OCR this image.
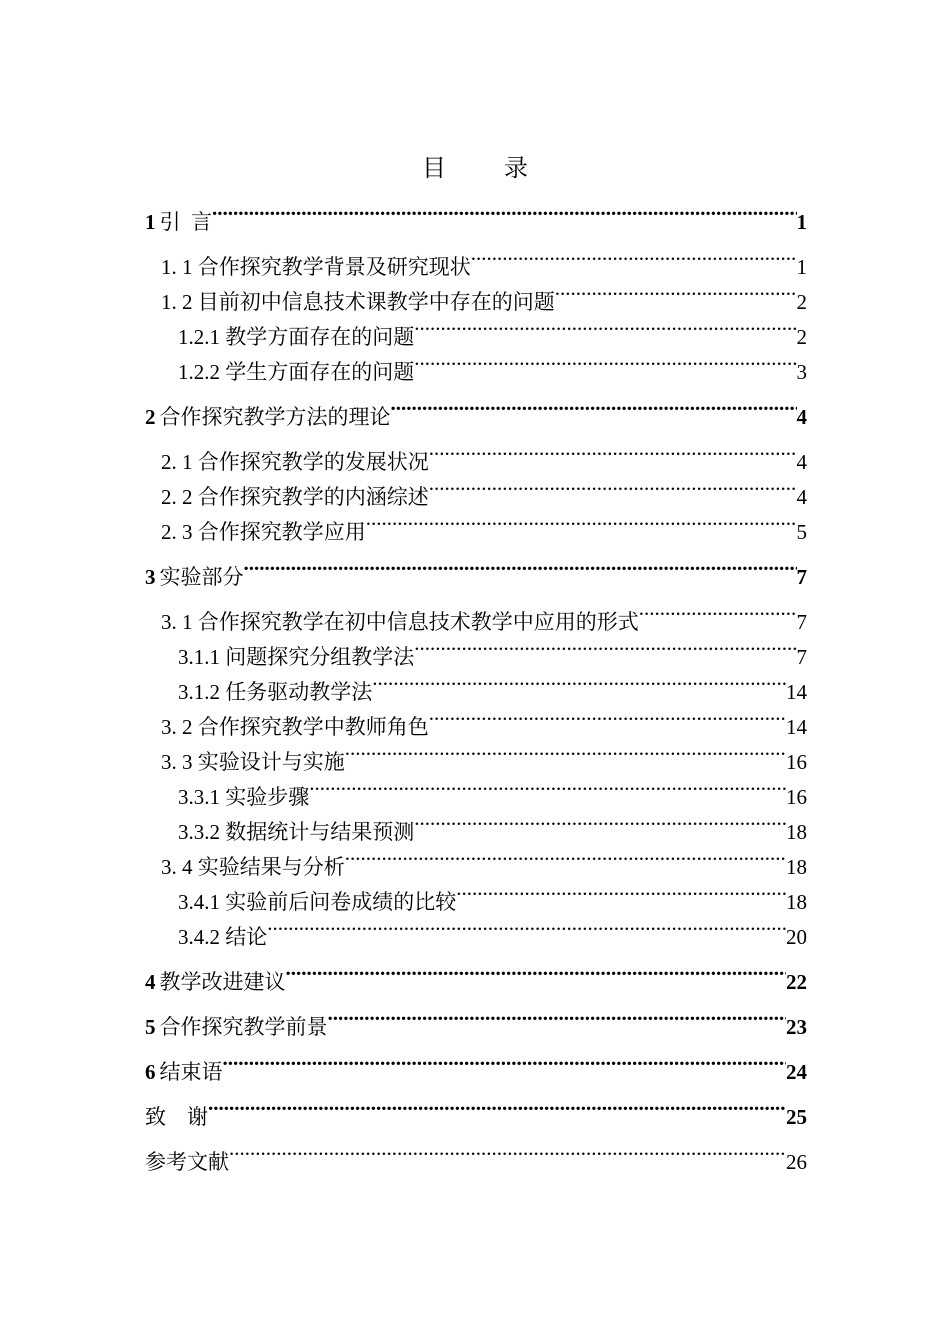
目 录
1 引  言 .....	1
1. 1 合作探究教学背景及研究现状 .....	1
1. 2 目前初中信息技术课教学中存在的问题 .....	2
1.2.1 教学方面存在的问题 .....	2
1.2.2 学生方面存在的问题 .....	3
2 合作探究教学方法的理论 .....	4
2. 1 合作探究教学的发展状况 .....	4
2. 2 合作探究教学的内涵综述 .....	4
2. 3 合作探究教学应用 .....	5
3 实验部分 .....	7
3. 1 合作探究教学在初中信息技术教学中应用的形式 .....	7
3.1.1 问题探究分组教学法 .....	7
3.1.2 任务驱动教学法 .....	14
3. 2 合作探究教学中教师角色 .....	14
3. 3 实验设计与实施 .....	16
3.3.1 实验步骤 .....	16
3.3.2 数据统计与结果预测 .....	18
3. 4 实验结果与分析 .....	18
3.4.1 实验前后问卷成绩的比较 .....	18
3.4.2 结论 .....	20
4 教学改进建议 .....	22
5 合作探究教学前景 .....	23
6 结束语 .....	24
致    谢 .....	25
参考文献 .....	26
